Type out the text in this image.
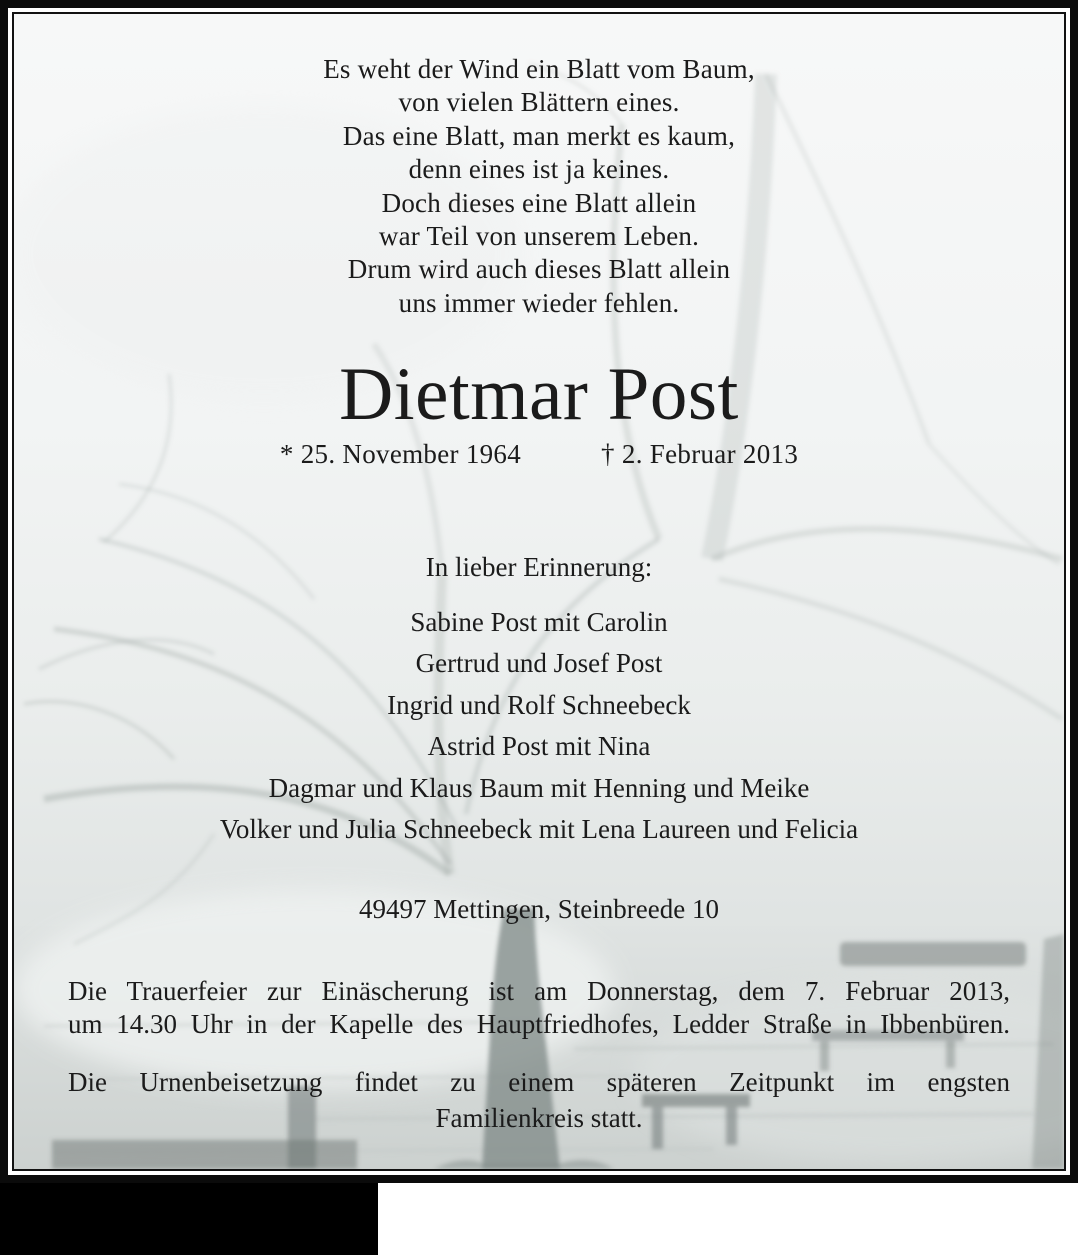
Es weht der Wind ein Blatt vom Baum,
von vielen Blättern eines.
Das eine Blatt, man merkt es kaum,
denn eines ist ja keines.
Doch dieses eine Blatt allein
war Teil von unserem Leben.
Drum wird auch dieses Blatt allein
uns immer wieder fehlen.
Dietmar Post
* 25. November 1964	† 2. Februar 2013
In lieber Erinnerung:
Sabine Post mit Carolin
Gertrud und Josef Post
Ingrid und Rolf Schneebeck
Astrid Post mit Nina
Dagmar und Klaus Baum mit Henning und Meike
Volker und Julia Schneebeck mit Lena Laureen und Felicia
49497 Mettingen, Steinbreede 10
Die Trauerfeier zur Einäscherung ist am Donnerstag, dem 7. Februar 2013,
um 14.30 Uhr in der Kapelle des Hauptfriedhofes, Ledder Straße in Ibbenbüren.
Die Urnenbeisetzung findet zu einem späteren Zeitpunkt im engsten
Familienkreis statt.
